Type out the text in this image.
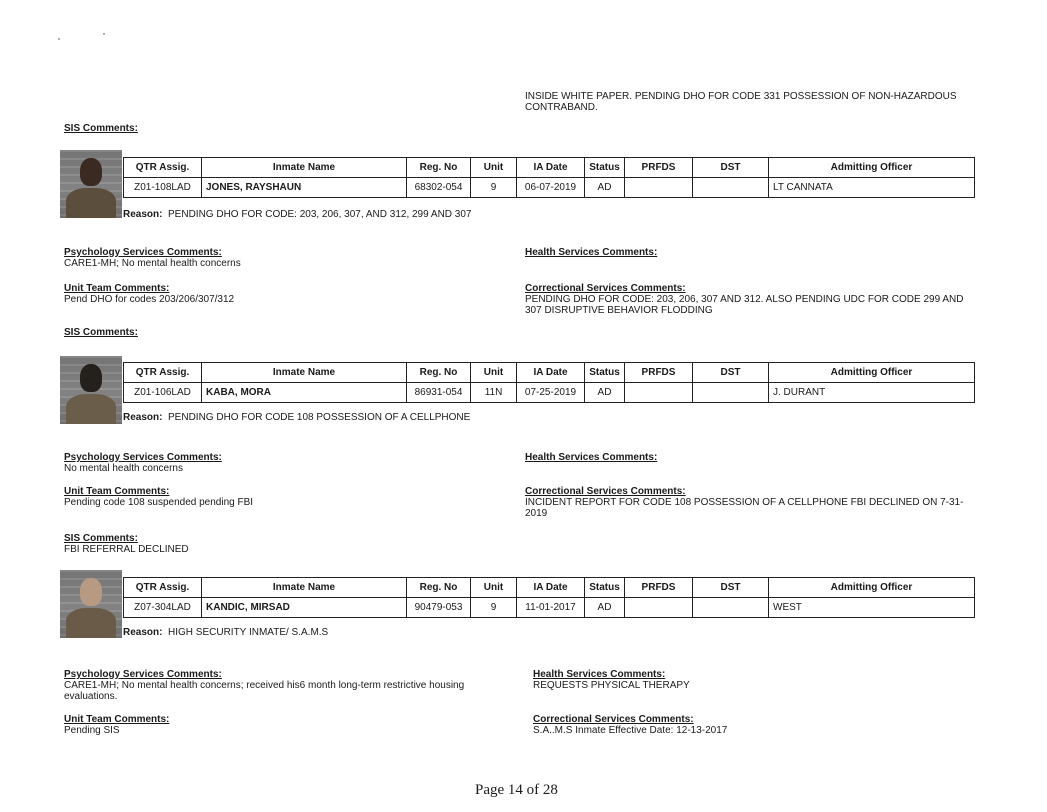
INSIDE WHITE PAPER. PENDING DHO FOR CODE 331 POSSESSION OF NON-HAZARDOUS CONTRABAND.
SIS Comments:
QTR Assig.	Inmate Name	Reg. No	Unit	IA Date	Status	PRFDS	DST	Admitting Officer
Z01-108LAD	JONES, RAYSHAUN	68302-054	9	06-07-2019	AD			LT CANNATA
Reason: PENDING DHO FOR CODE: 203, 206, 307, AND 312, 299 AND 307
Psychology Services Comments:
CARE1-MH; No mental health concerns
Health Services Comments:
Unit Team Comments:
Pend DHO for codes 203/206/307/312
Correctional Services Comments:
PENDING DHO FOR CODE: 203, 206, 307 AND 312. ALSO PENDING UDC FOR CODE 299 AND 307 DISRUPTIVE BEHAVIOR FLODDING
SIS Comments:
QTR Assig.	Inmate Name	Reg. No	Unit	IA Date	Status	PRFDS	DST	Admitting Officer
Z01-106LAD	KABA, MORA	86931-054	11N	07-25-2019	AD			J. DURANT
Reason: PENDING DHO FOR CODE 108 POSSESSION OF A CELLPHONE
Psychology Services Comments:
No mental health concerns
Health Services Comments:
Unit Team Comments:
Pending code 108 suspended pending FBI
Correctional Services Comments:
INCIDENT REPORT FOR CODE 108 POSSESSION OF A CELLPHONE FBI DECLINED ON 7-31-2019
SIS Comments:
FBI REFERRAL DECLINED
QTR Assig.	Inmate Name	Reg. No	Unit	IA Date	Status	PRFDS	DST	Admitting Officer
Z07-304LAD	KANDIC, MIRSAD	90479-053	9	11-01-2017	AD			WEST
Reason: HIGH SECURITY INMATE/ S.A.M.S
Psychology Services Comments:
CARE1-MH; No mental health concerns; received his6 month long-term restrictive housing evaluations.
Health Services Comments:
REQUESTS PHYSICAL THERAPY
Unit Team Comments:
Pending SIS
Correctional Services Comments:
S.A..M.S Inmate Effective Date: 12-13-2017
Page 14 of 28
